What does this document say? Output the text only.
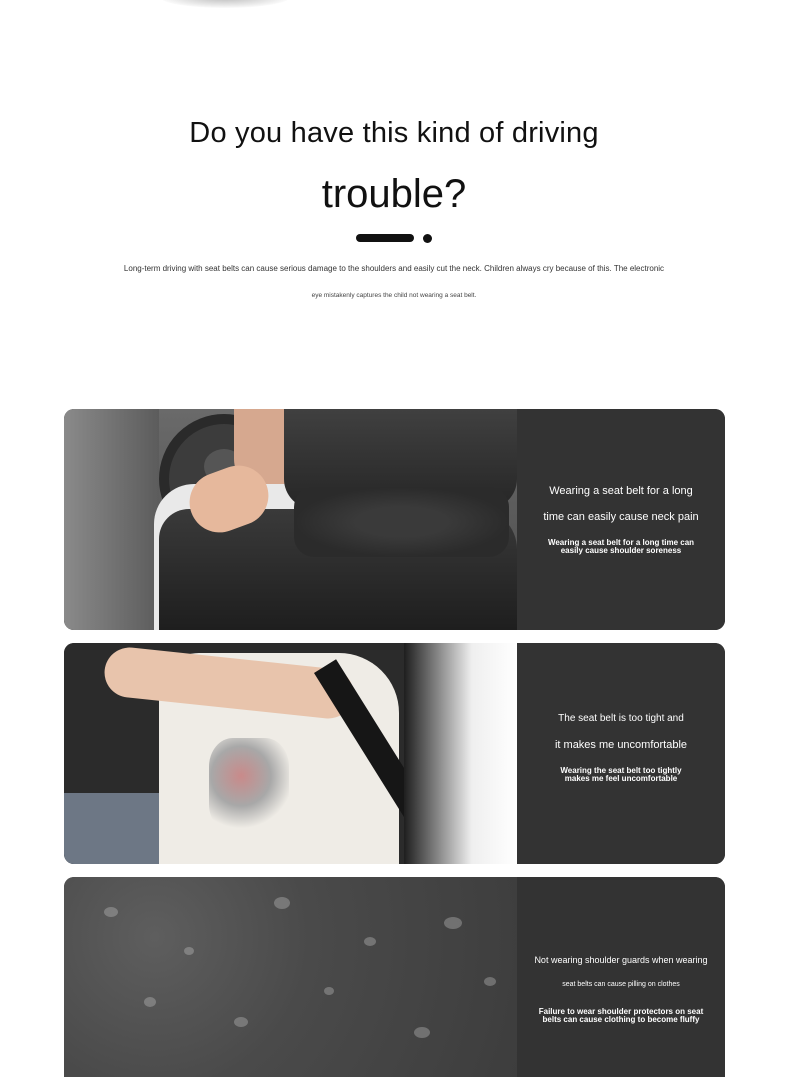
Do you have this kind of driving
trouble?
Long-term driving with seat belts can cause serious damage to the shoulders and easily cut the neck. Children always cry because of this. The electronic
eye mistakenly captures the child not wearing a seat belt.
Wearing a seat belt for a long
time can easily cause neck pain
Wearing a seat belt for a long time can
easily cause shoulder soreness
The seat belt is too tight and
it makes me uncomfortable
Wearing the seat belt too tightly
makes me feel uncomfortable
Not wearing shoulder guards when wearing
seat belts can cause pilling on clothes
Failure to wear shoulder protectors on seat
belts can cause clothing to become fluffy
